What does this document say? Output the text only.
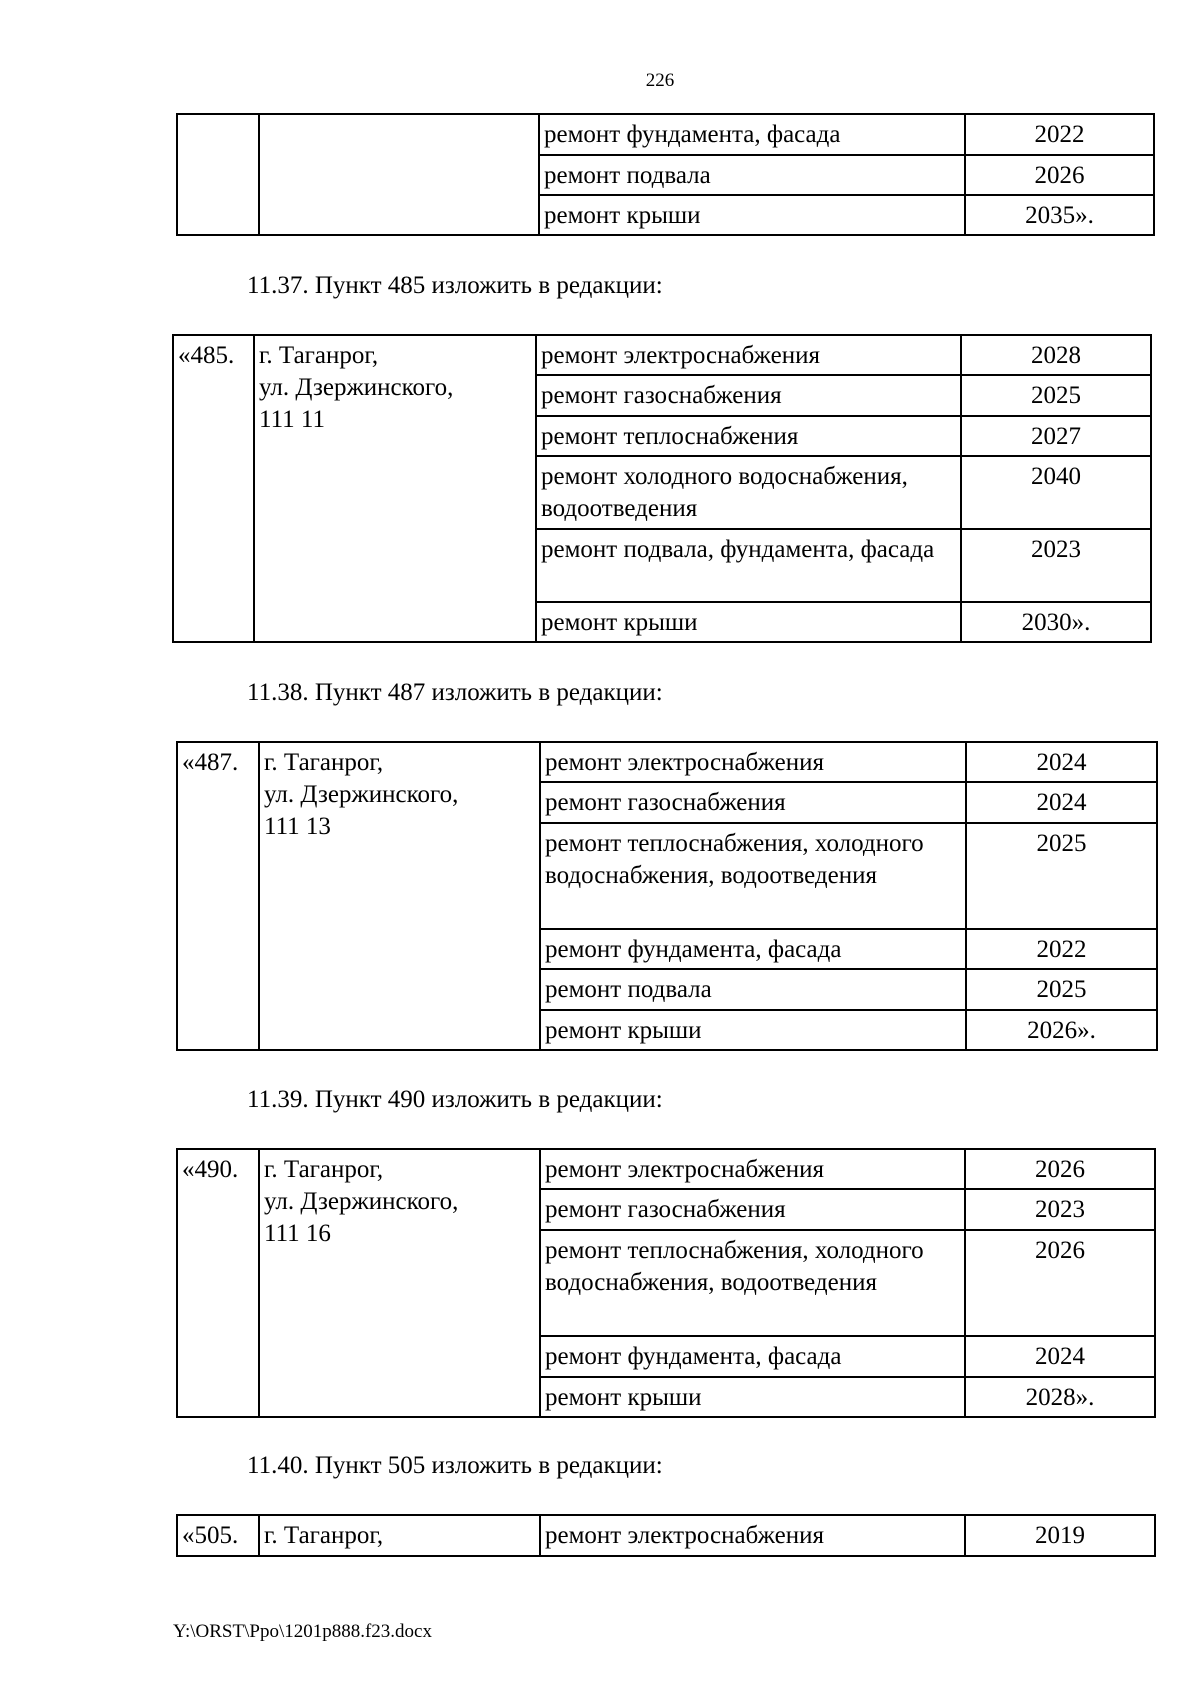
226
		ремонт фундамента, фасада	2022
		ремонт подвала	2026
		ремонт крыши	2035».
11.37. Пункт 485 изложить в редакции:
«485.	г. Таганрог,
ул. Дзержинского,
111 11	ремонт электроснабжения	2028
		ремонт газоснабжения	2025
		ремонт теплоснабжения	2027
		ремонт холодного водоснабжения, водоотведения	2040
		ремонт подвала, фундамента, фасада	2023
		ремонт крыши	2030».
11.38. Пункт 487 изложить в редакции:
«487.	г. Таганрог,
ул. Дзержинского,
111 13	ремонт электроснабжения	2024
		ремонт газоснабжения	2024
		ремонт теплоснабжения, холодного водоснабжения, водоотведения	2025
		ремонт фундамента, фасада	2022
		ремонт подвала	2025
		ремонт крыши	2026».
11.39. Пункт 490 изложить в редакции:
«490.	г. Таганрог,
ул. Дзержинского,
111 16	ремонт электроснабжения	2026
		ремонт газоснабжения	2023
		ремонт теплоснабжения, холодного водоснабжения, водоотведения	2026
		ремонт фундамента, фасада	2024
		ремонт крыши	2028».
11.40. Пункт 505 изложить в редакции:
«505.	г. Таганрог,	ремонт электроснабжения	2019
Y:\ORST\Ppo\1201p888.f23.docx
